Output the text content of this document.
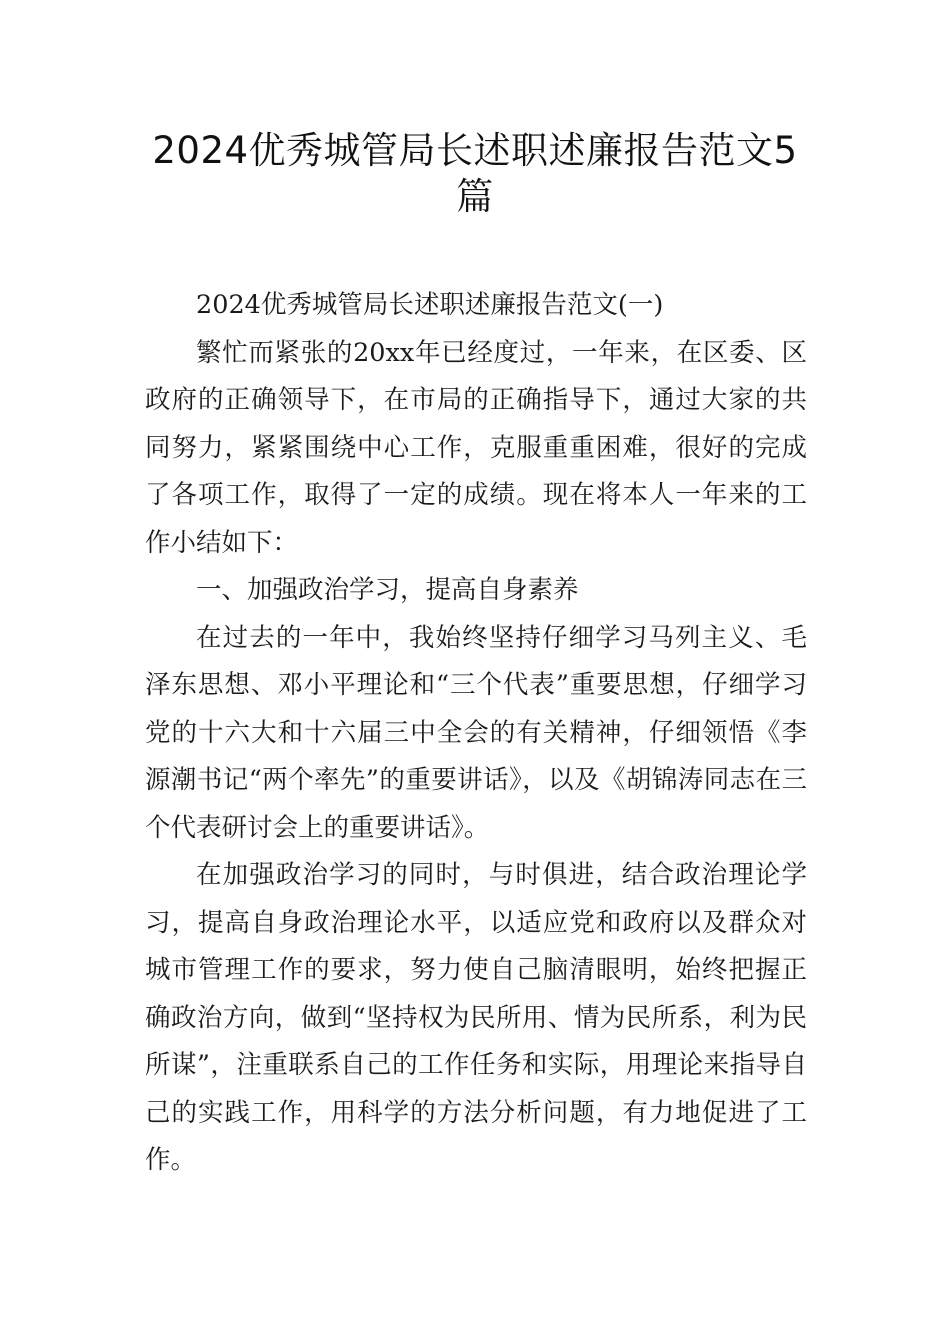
2024优秀城管局长述职述廉报告范文5篇

2024优秀城管局长述职述廉报告范文(一)

繁忙而紧张的20xx年已经度过，一年来，在区委、区政府的正确领导下，在市局的正确指导下，通过大家的共同努力，紧紧围绕中心工作，克服重重困难，很好的完成了各项工作，取得了一定的成绩。现在将本人一年来的工作小结如下：

一、加强政治学习，提高自身素养

在过去的一年中，我始终坚持仔细学习马列主义、毛泽东思想、邓小平理论和“三个代表”重要思想，仔细学习党的十六大和十六届三中全会的有关精神，仔细领悟《李源潮书记“两个率先”的重要讲话》，以及《胡锦涛同志在三个代表研讨会上的重要讲话》。

在加强政治学习的同时，与时俱进，结合政治理论学习，提高自身政治理论水平，以适应党和政府以及群众对城市管理工作的要求，努力使自己脑清眼明，始终把握正确政治方向，做到“坚持权为民所用、情为民所系，利为民所谋”，注重联系自己的工作任务和实际，用理论来指导自己的实践工作，用科学的方法分析问题，有力地促进了工作。
